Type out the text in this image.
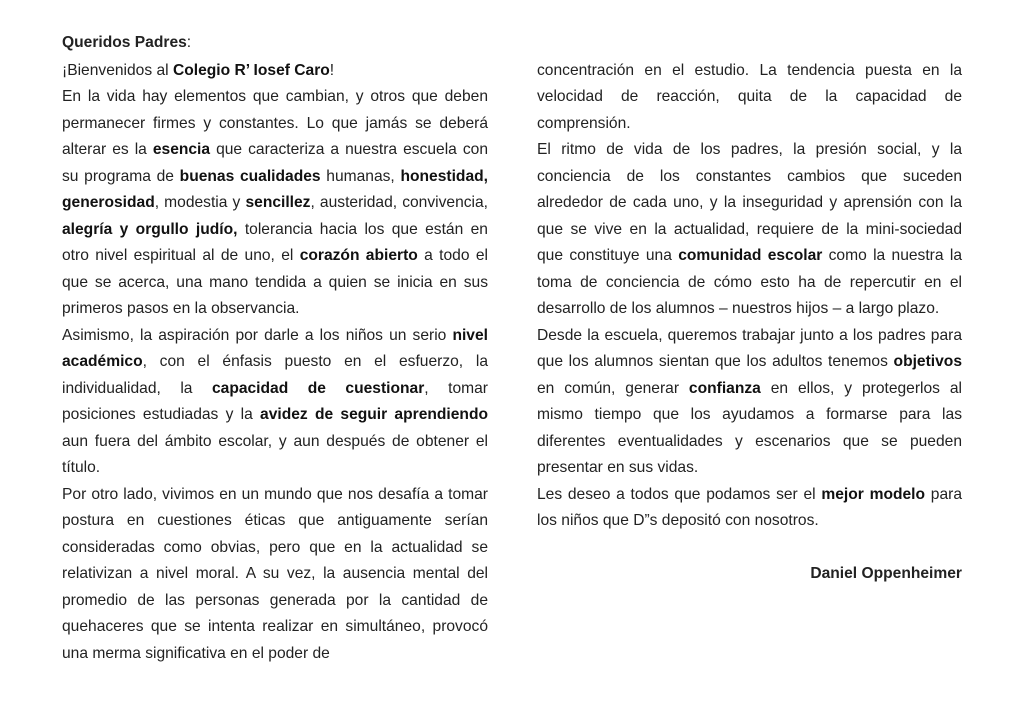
Queridos Padres:

¡Bienvenidos al Colegio R’ Iosef Caro!

En la vida hay elementos que cambian, y otros que deben permanecer firmes y constantes. Lo que jamás se deberá alterar es la esencia que caracteriza a nuestra escuela con su programa de buenas cualidades humanas, honestidad, generosidad, modestia y sencillez, austeridad, convivencia, alegría y orgullo judío, tolerancia hacia los que están en otro nivel espiritual al de uno, el corazón abierto a todo el que se acerca, una mano tendida a quien se inicia en sus primeros pasos en la observancia.

Asimismo, la aspiración por darle a los niños un serio nivel académico, con el énfasis puesto en el esfuerzo, la individualidad, la capacidad de cuestionar, tomar posiciones estudiadas y la avidez de seguir aprendiendo aun fuera del ámbito escolar, y aun después de obtener el título.

Por otro lado, vivimos en un mundo que nos desafía a tomar postura en cuestiones éticas que antiguamente serían consideradas como obvias, pero que en la actualidad se relativizan a nivel moral. A su vez, la ausencia mental del promedio de las personas generada por la cantidad de quehaceres que se intenta realizar en simultáneo, provocó una merma significativa en el poder de

concentración en el estudio. La tendencia puesta en la velocidad de reacción, quita de la capacidad de comprensión.

El ritmo de vida de los padres, la presión social, y la conciencia de los constantes cambios que suceden alrededor de cada uno, y la inseguridad y aprensión con la que se vive en la actualidad, requiere de la mini-sociedad que constituye una comunidad escolar como la nuestra la toma de conciencia de cómo esto ha de repercutir en el desarrollo de los alumnos – nuestros hijos – a largo plazo.

Desde la escuela, queremos trabajar junto a los padres para que los alumnos sientan que los adultos tenemos objetivos en común, generar confianza en ellos, y protegerlos al mismo tiempo que los ayudamos a formarse para las diferentes eventualidades y escenarios que se pueden presentar en sus vidas.

Les deseo a todos que podamos ser el mejor modelo para los niños que D”s depositó con nosotros.

Daniel Oppenheimer
